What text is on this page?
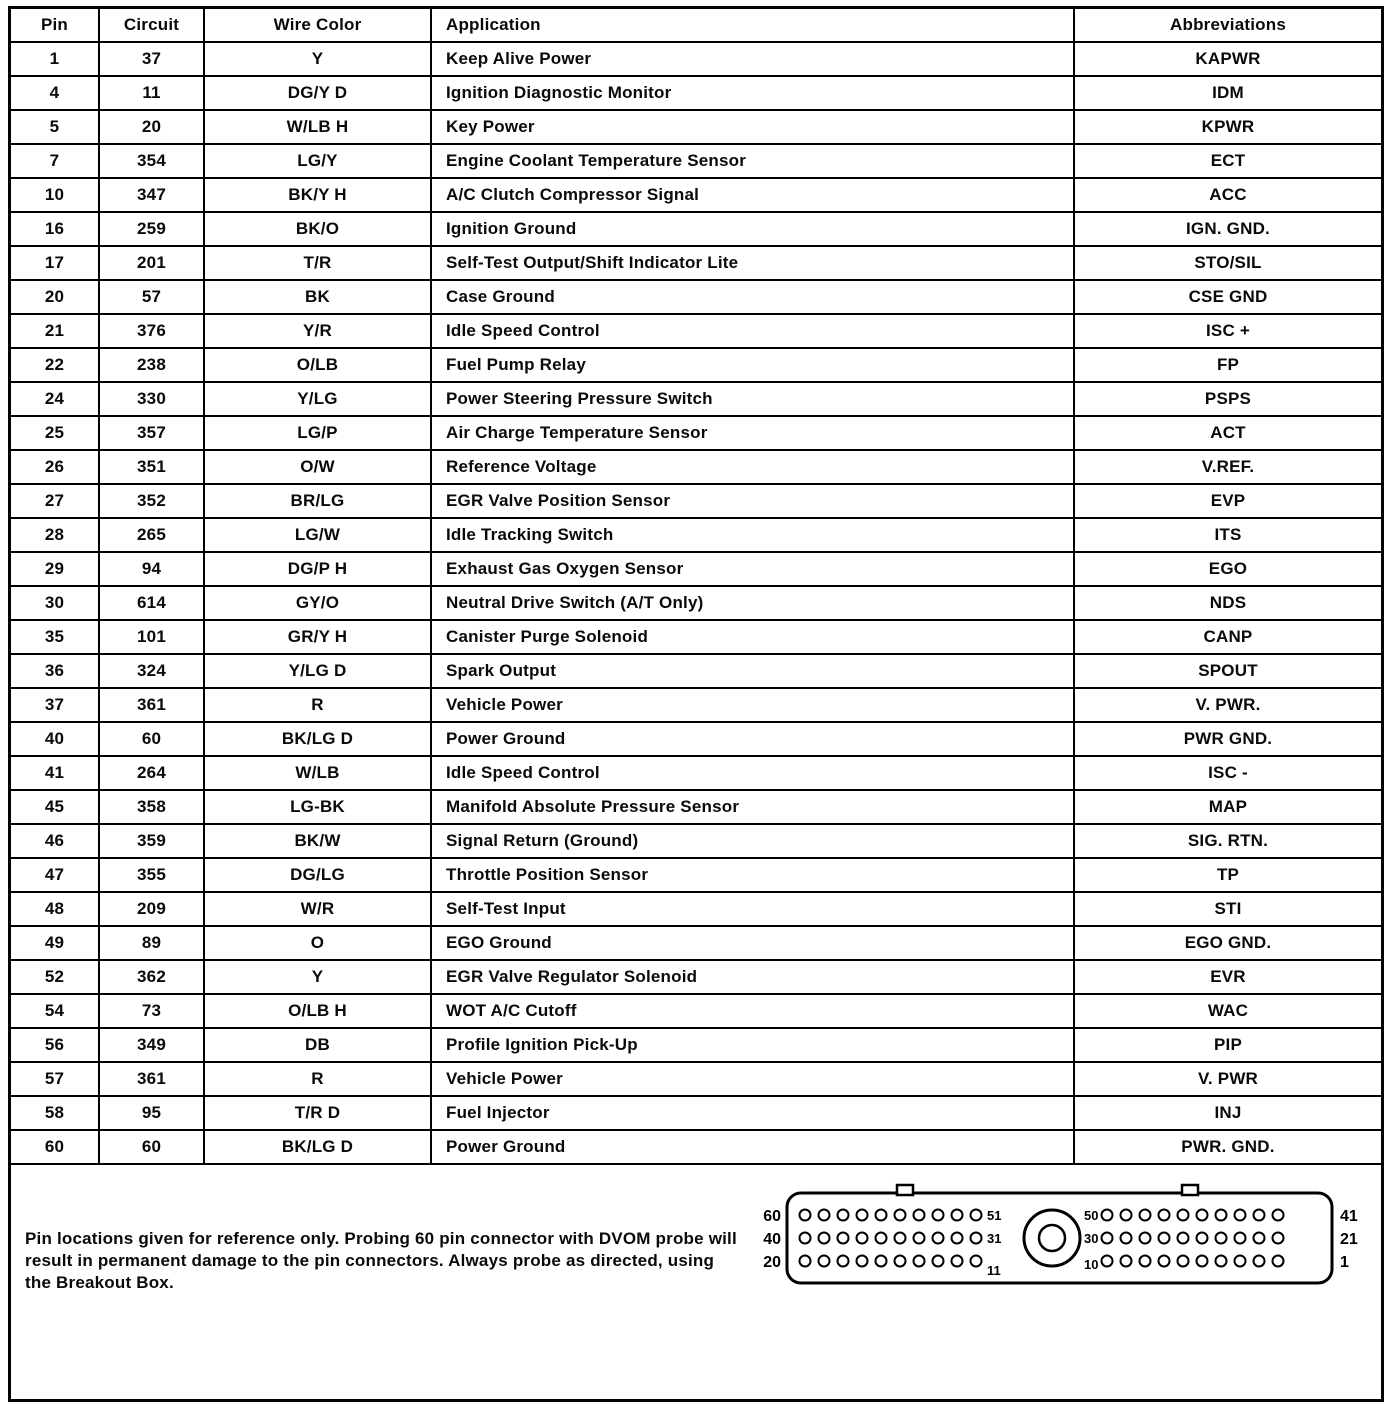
Pin	Circuit	Wire Color	Application	Abbreviations
1	37	Y	Keep Alive Power	KAPWR
4	11	DG/Y D	Ignition Diagnostic Monitor	IDM
5	20	W/LB H	Key Power	KPWR
7	354	LG/Y	Engine Coolant Temperature Sensor	ECT
10	347	BK/Y H	A/C Clutch Compressor Signal	ACC
16	259	BK/O	Ignition Ground	IGN. GND.
17	201	T/R	Self-Test Output/Shift Indicator Lite	STO/SIL
20	57	BK	Case Ground	CSE GND
21	376	Y/R	Idle Speed Control	ISC +
22	238	O/LB	Fuel Pump Relay	FP
24	330	Y/LG	Power Steering Pressure Switch	PSPS
25	357	LG/P	Air Charge Temperature Sensor	ACT
26	351	O/W	Reference Voltage	V.REF.
27	352	BR/LG	EGR Valve Position Sensor	EVP
28	265	LG/W	Idle Tracking Switch	ITS
29	94	DG/P H	Exhaust Gas Oxygen Sensor	EGO
30	614	GY/O	Neutral Drive Switch (A/T Only)	NDS
35	101	GR/Y H	Canister Purge Solenoid	CANP
36	324	Y/LG D	Spark Output	SPOUT
37	361	R	Vehicle Power	V. PWR.
40	60	BK/LG D	Power Ground	PWR GND.
41	264	W/LB	Idle Speed Control	ISC -
45	358	LG-BK	Manifold Absolute Pressure Sensor	MAP
46	359	BK/W	Signal Return (Ground)	SIG. RTN.
47	355	DG/LG	Throttle Position Sensor	TP
48	209	W/R	Self-Test Input	STI
49	89	O	EGO Ground	EGO GND.
52	362	Y	EGR Valve Regulator Solenoid	EVR
54	73	O/LB H	WOT A/C Cutoff	WAC
56	349	DB	Profile Ignition Pick-Up	PIP
57	361	R	Vehicle Power	V. PWR
58	95	T/R D	Fuel Injector	INJ
60	60	BK/LG D	Power Ground	PWR. GND.

Pin locations given for reference only. Probing 60 pin connector with DVOM probe will result in permanent damage to the pin connectors. Always probe as directed, using the Breakout Box.

60
40
20
41
21
1
51	50
31	30
11	10
